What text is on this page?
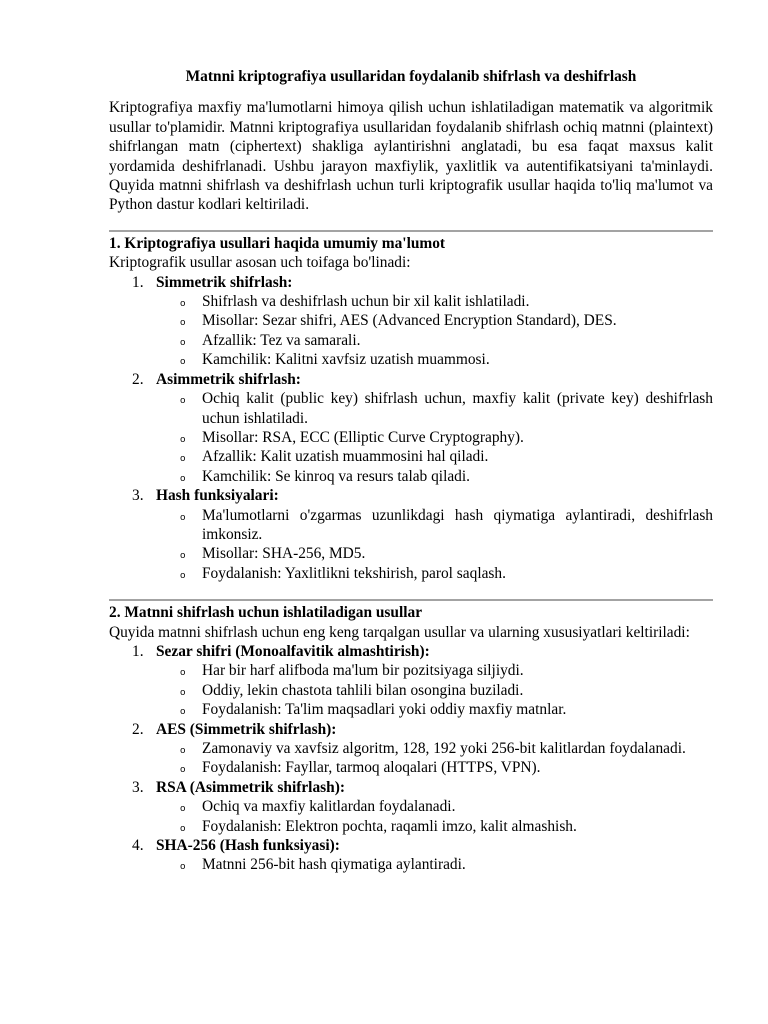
Matnni kriptografiya usullaridan foydalanib shifrlash va deshifrlash

Kriptografiya maxfiy ma'lumotlarni himoya qilish uchun ishlatiladigan matematik va algoritmik usullar to'plamidir. Matnni kriptografiya usullaridan foydalanib shifrlash ochiq matnni (plaintext) shifrlangan matn (ciphertext) shakliga aylantirishni anglatadi, bu esa faqat maxsus kalit yordamida deshifrlanadi. Ushbu jarayon maxfiylik, yaxlitlik va autentifikatsiyani ta'minlaydi. Quyida matnni shifrlash va deshifrlash uchun turli kriptografik usullar haqida to'liq ma'lumot va Python dastur kodlari keltiriladi.

1. Kriptografiya usullari haqida umumiy ma'lumot

Kriptografik usullar asosan uch toifaga bo'linadi:

1. Simmetrik shifrlash:
o Shifrlash va deshifrlash uchun bir xil kalit ishlatiladi.
o Misollar: Sezar shifri, AES (Advanced Encryption Standard), DES.
o Afzallik: Tez va samarali.
o Kamchilik: Kalitni xavfsiz uzatish muammosi.
2. Asimmetrik shifrlash:
o Ochiq kalit (public key) shifrlash uchun, maxfiy kalit (private key) deshifrlash uchun ishlatiladi.
o Misollar: RSA, ECC (Elliptic Curve Cryptography).
o Afzallik: Kalit uzatish muammosini hal qiladi.
o Kamchilik: Se kinroq va resurs talab qiladi.
3. Hash funksiyalari:
o Ma'lumotlarni o'zgarmas uzunlikdagi hash qiymatiga aylantiradi, deshifrlash imkonsiz.
o Misollar: SHA-256, MD5.
o Foydalanish: Yaxlitlikni tekshirish, parol saqlash.

2. Matnni shifrlash uchun ishlatiladigan usullar

Quyida matnni shifrlash uchun eng keng tarqalgan usullar va ularning xususiyatlari keltiriladi:

1. Sezar shifri (Monoalfavitik almashtirish):
o Har bir harf alifboda ma'lum bir pozitsiyaga siljiydi.
o Oddiy, lekin chastota tahlili bilan osongina buziladi.
o Foydalanish: Ta'lim maqsadlari yoki oddiy maxfiy matnlar.
2. AES (Simmetrik shifrlash):
o Zamonaviy va xavfsiz algoritm, 128, 192 yoki 256-bit kalitlardan foydalanadi.
o Foydalanish: Fayllar, tarmoq aloqalari (HTTPS, VPN).
3. RSA (Asimmetrik shifrlash):
o Ochiq va maxfiy kalitlardan foydalanadi.
o Foydalanish: Elektron pochta, raqamli imzo, kalit almashish.
4. SHA-256 (Hash funksiyasi):
o Matnni 256-bit hash qiymatiga aylantiradi.
